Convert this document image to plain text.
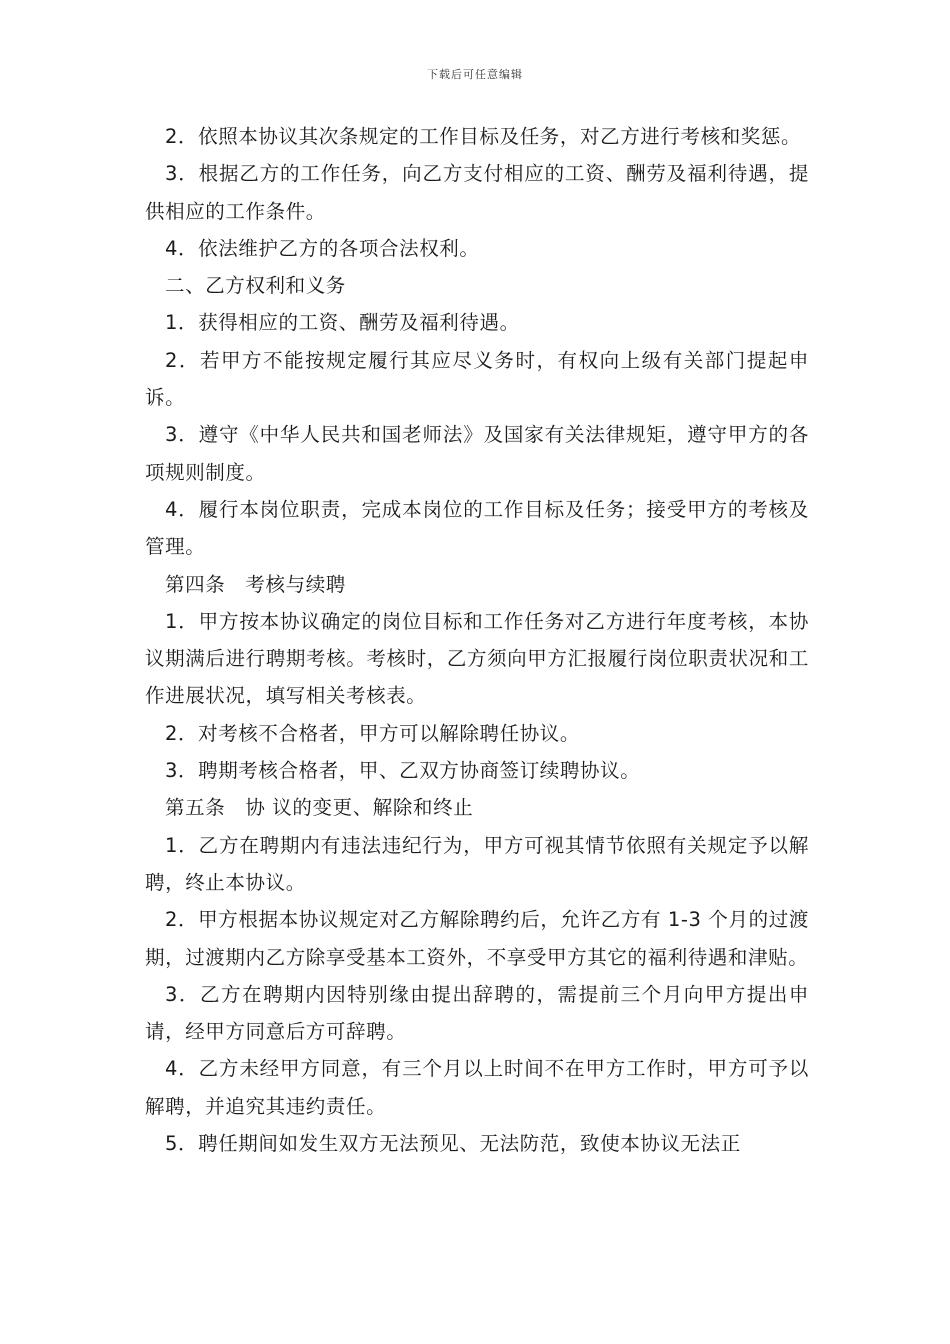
下载后可任意编辑

2．依照本协议其次条规定的工作目标及任务，对乙方进行考核和奖惩。

3．根据乙方的工作任务，向乙方支付相应的工资、酬劳及福利待遇，提供相应的工作条件。

4．依法维护乙方的各项合法权利。

二、乙方权利和义务

1．获得相应的工资、酬劳及福利待遇。

2．若甲方不能按规定履行其应尽义务时，有权向上级有关部门提起申诉。

3．遵守《中华人民共和国老师法》及国家有关法律规矩，遵守甲方的各项规则制度。

4．履行本岗位职责，完成本岗位的工作目标及任务；接受甲方的考核及管理。

第四条　考核与续聘

1．甲方按本协议确定的岗位目标和工作任务对乙方进行年度考核，本协议期满后进行聘期考核。考核时，乙方须向甲方汇报履行岗位职责状况和工作进展状况，填写相关考核表。

2．对考核不合格者，甲方可以解除聘任协议。

3．聘期考核合格者，甲、乙双方协商签订续聘协议。

第五条　协 议的变更、解除和终止

1．乙方在聘期内有违法违纪行为，甲方可视其情节依照有关规定予以解聘，终止本协议。

2．甲方根据本协议规定对乙方解除聘约后，允许乙方有 1-3 个月的过渡期，过渡期内乙方除享受基本工资外，不享受甲方其它的福利待遇和津贴。

3．乙方在聘期内因特别缘由提出辞聘的，需提前三个月向甲方提出申请，经甲方同意后方可辞聘。

4．乙方未经甲方同意，有三个月以上时间不在甲方工作时，甲方可予以解聘，并追究其违约责任。

5．聘任期间如发生双方无法预见、无法防范，致使本协议无法正
